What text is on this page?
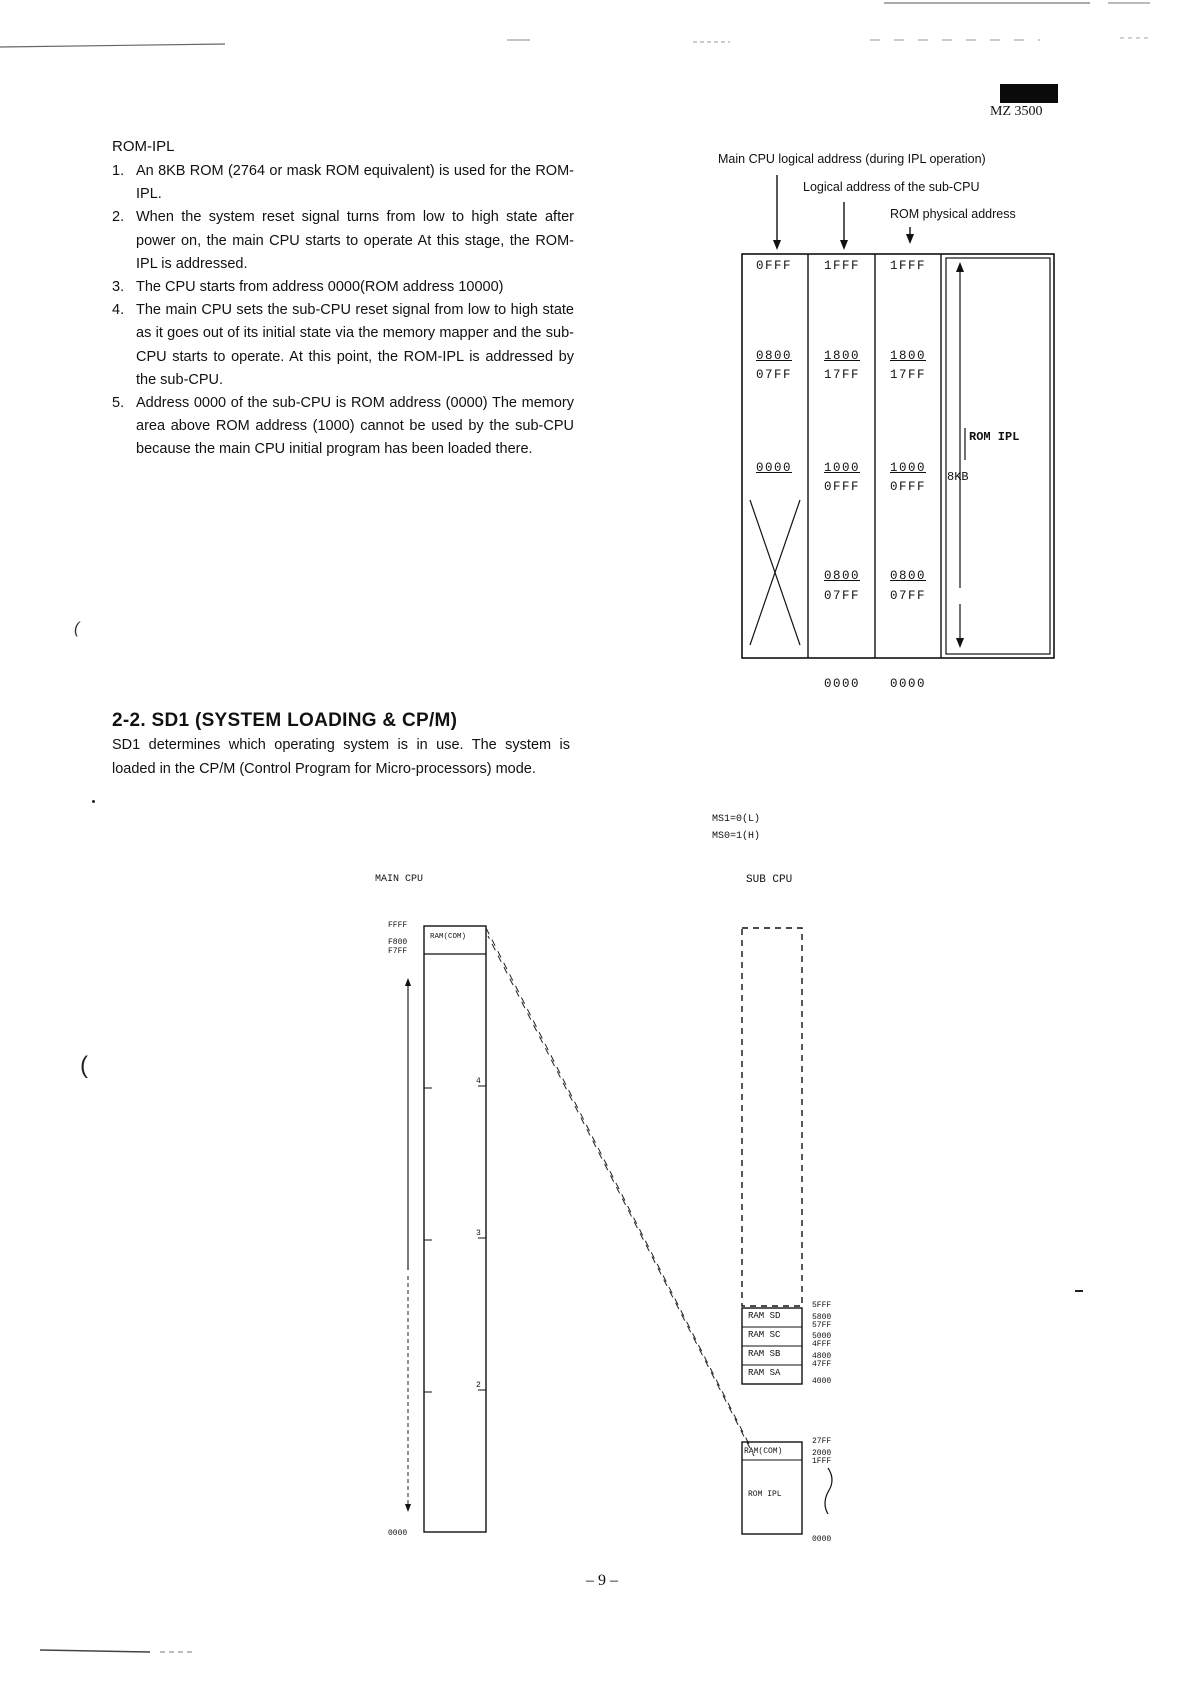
MZ 3500
ROM-IPL
1. An 8KB ROM (2764 or mask ROM equivalent) is used for the ROM-IPL.
2. When the system reset signal turns from low to high state after power on, the main CPU starts to operate At this stage, the ROM-IPL is addressed.
3. The CPU starts from address 0000(ROM address 10000)
4. The main CPU sets the sub-CPU reset signal from low to high state as it goes out of its initial state via the memory mapper and the sub-CPU starts to operate. At this point, the ROM-IPL is addressed by the sub-CPU.
5. Address 0000 of the sub-CPU is ROM address (0000) The memory area above ROM address (1000) cannot be used by the sub-CPU because the main CPU initial program has been loaded there.
Main CPU logical address (during IPL operation)
Logical address of the sub-CPU
ROM physical address
0FFF
0800
07FF
0000
1FFF
1800
17FF
1000
0FFF
0800
07FF
0000
1FFF
1800
17FF
1000
0FFF
0800
07FF
0000
ROM IPL
8KB
2-2. SD1 (SYSTEM LOADING & CP/M)

SD1 determines which operating system is in use. The system is loaded in the CP/M (Control Program for Micro-processors) mode.

(
(
MS1=0(L)
MS0=1(H)
MAIN CPU	SUB CPU
FFFF
F800
F7FF
0000
RAM(COM)
4
3
2
RAM SD
RAM SC
RAM SB
RAM SA
5FFF
5800
57FF
5000
4FFF
4800
47FF
4000
RAM(COM)
ROM IPL
27FF
2000
1FFF
0000
– 9 –
